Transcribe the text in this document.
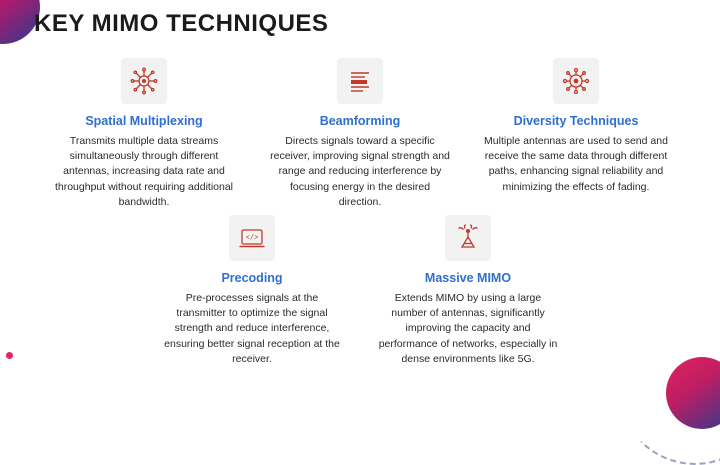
KEY MIMO TECHNIQUES
Spatial Multiplexing
Transmits multiple data streams simultaneously through different antennas, increasing data rate and throughput without requiring additional bandwidth.
Beamforming
Directs signals toward a specific receiver, improving signal strength and range and reducing interference by focusing energy in the desired direction.
Diversity Techniques
Multiple antennas are used to send and receive the same data through different paths, enhancing signal reliability and minimizing the effects of fading.
</>
Precoding
Pre-processes signals at the transmitter to optimize the signal strength and reduce interference, ensuring better signal reception at the receiver.
Massive MIMO
Extends MIMO by using a large number of antennas, significantly improving the capacity and performance of networks, especially in dense environments like 5G.
